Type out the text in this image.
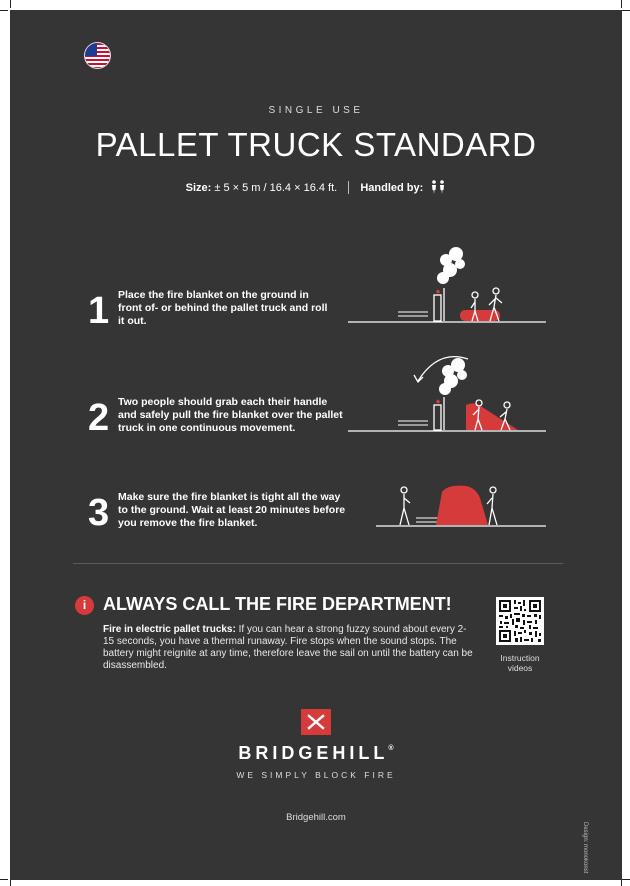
SINGLE USE
PALLET TRUCK STANDARD
Size: ± 5 × 5 m / 16.4 × 16.4 ft. Handled by:
1 Place the fire blanket on the ground in front of- or behind the pallet truck and roll it out.
2 Two people should grab each their handle and safely pull the fire blanket over the pallet truck in one continuous movement.
3 Make sure the fire blanket is tight all the way to the ground. Wait at least 20 minutes before you remove the fire blanket.
i ALWAYS CALL THE FIRE DEPARTMENT!
Fire in electric pallet trucks: If you can hear a strong fuzzy sound about every 2-15 seconds, you have a thermal runaway. Fire stops when the sound stops. The battery might reignite at any time, therefore leave the sail on until the battery can be disassembled.
Instruction
videos
BRIDGEHILL®
WE SIMPLY BLOCK FIRE
Bridgehill.com
Design: monokonst
